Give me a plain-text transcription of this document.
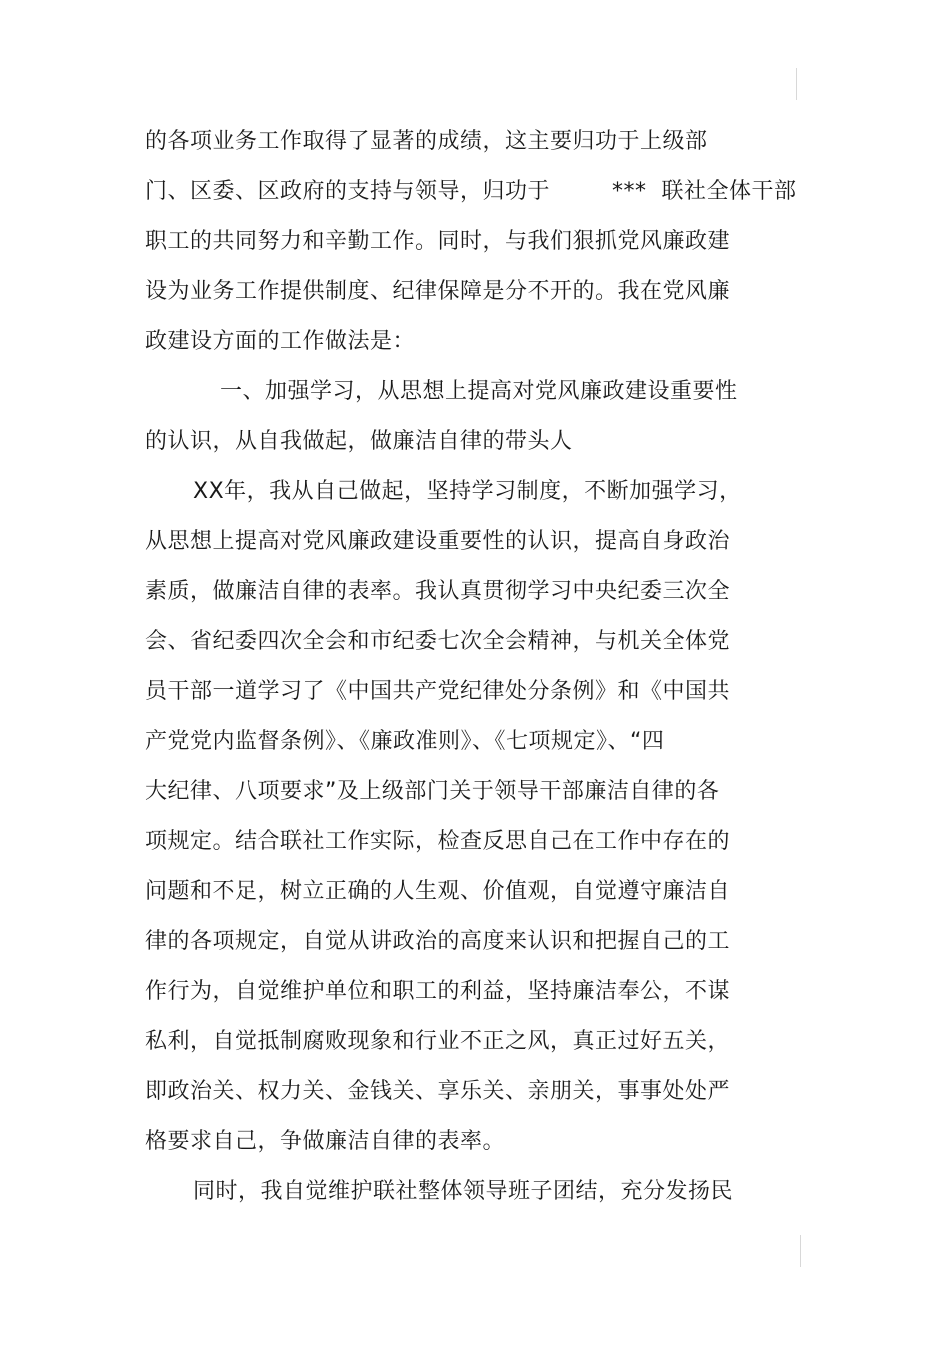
的各项业务工作取得了显著的成绩，这主要归功于上级部
门、区委、区政府的支持与领导，归功于	*** 联社全体干部
职工的共同努力和辛勤工作。同时，与我们狠抓党风廉政建
设为业务工作提供制度、纪律保障是分不开的。我在党风廉
政建设方面的工作做法是：
一、加强学习，从思想上提高对党风廉政建设重要性
的认识，从自我做起，做廉洁自律的带头人
XX年，我从自己做起，坚持学习制度，不断加强学习，
从思想上提高对党风廉政建设重要性的认识，提高自身政治
素质，做廉洁自律的表率。我认真贯彻学习中央纪委三次全
会、省纪委四次全会和市纪委七次全会精神，与机关全体党
员干部一道学习了《中国共产党纪律处分条例》和《中国共
产党党内监督条例》、《廉政准则》、《七项规定》、“四
大纪律、八项要求”及上级部门关于领导干部廉洁自律的各
项规定。结合联社工作实际，检查反思自己在工作中存在的
问题和不足，树立正确的人生观、价值观，自觉遵守廉洁自
律的各项规定，自觉从讲政治的高度来认识和把握自己的工
作行为，自觉维护单位和职工的利益，坚持廉洁奉公，不谋
私利，自觉抵制腐败现象和行业不正之风，真正过好五关，
即政治关、权力关、金钱关、享乐关、亲朋关，事事处处严
格要求自己，争做廉洁自律的表率。
同时，我自觉维护联社整体领导班子团结，充分发扬民
